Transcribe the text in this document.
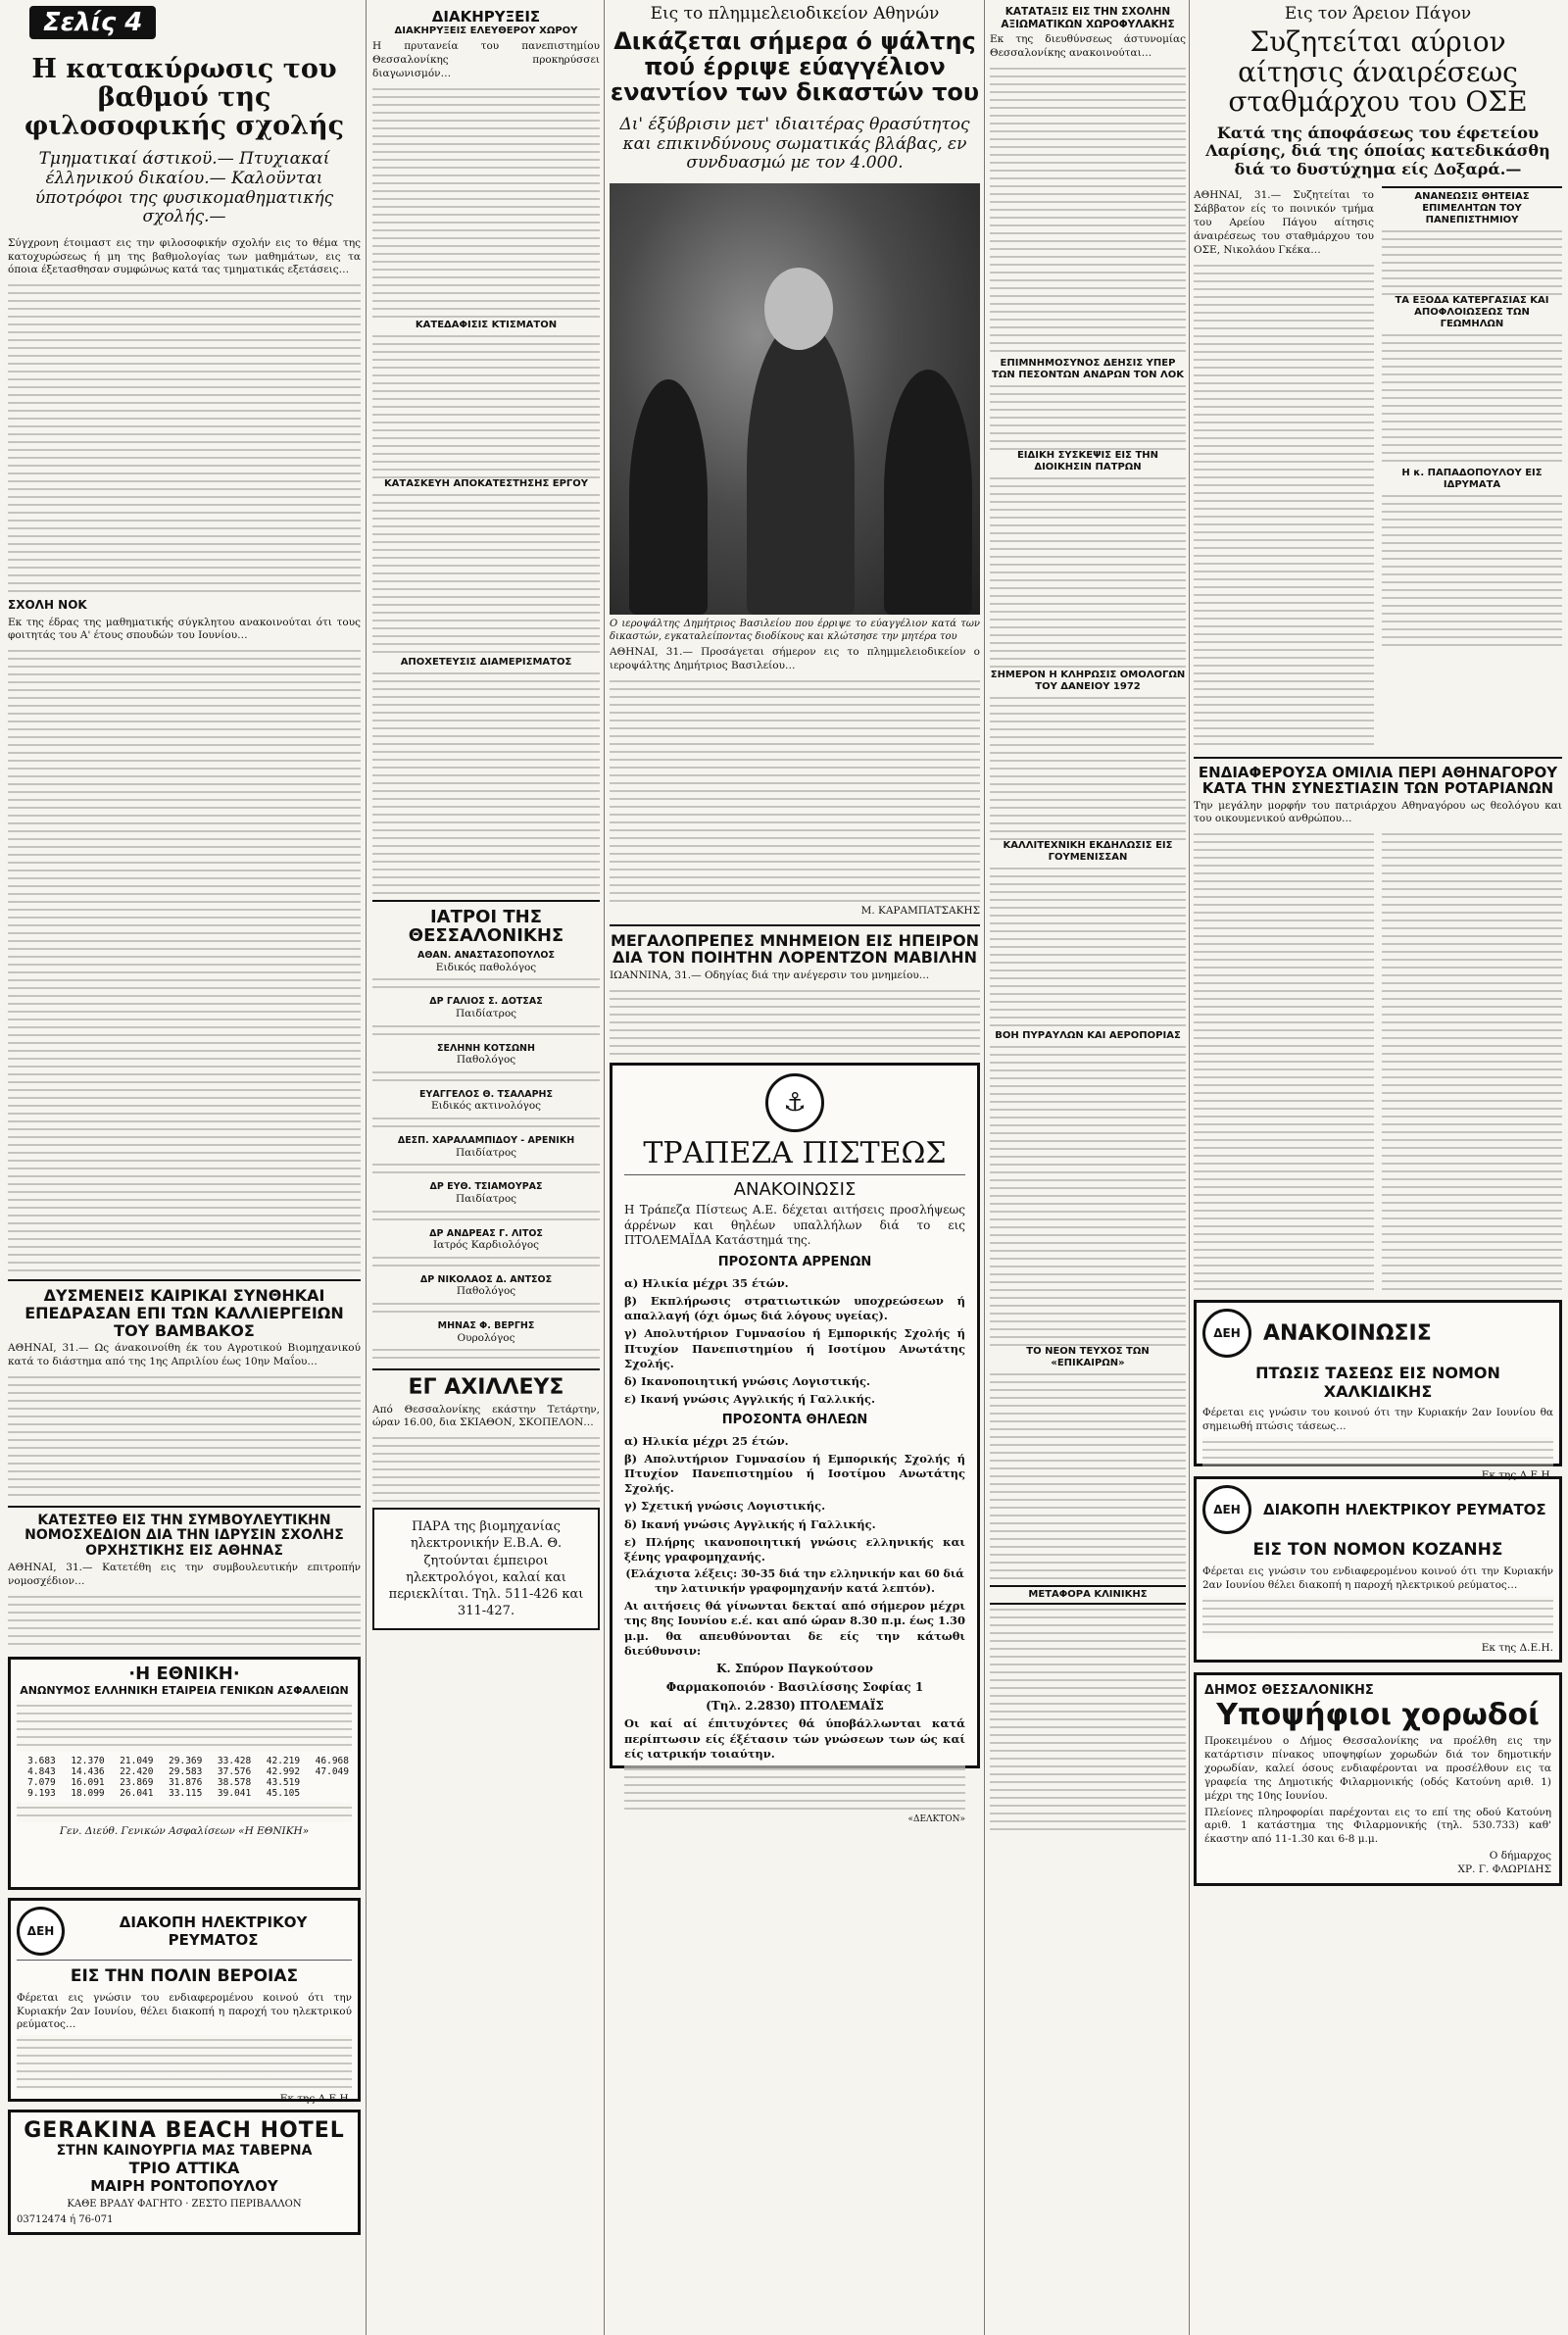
Σελίς 4
Η κατακύρωσις του βαθμού της φιλοσοφικής σχολής
Τμηματικαί άστικοϋ.— Πτυχιακαί έλληνικού δικαίου.— Καλοϋνται ύποτρόφοι της φυσικομαθηματικής σχολής.—
Σύγχρονη έτοιμαστ εις την φιλοσοφικήν σχολήν εις το θέμα της κατοχυρώσεως ή μη της βαθμολογίας των μαθημάτων, εις τα όποια έξετασθησαν συμφώνως κατά τας τμηματικάς εξετάσεις…
ΣΧΟΛΗ ΝΟΚ
Εκ της έδρας της μαθηματικής σύγκλητου ανακοινούται ότι τους φοιτητάς του Α' έτους σπουδών του Ιουνίου…
ΔΥΣΜΕΝΕΙΣ ΚΑΙΡΙΚΑΙ ΣΥΝΘΗΚΑΙ ΕΠΕΔΡΑΣΑΝ ΕΠΙ ΤΩΝ ΚΑΛΛΙΕΡΓΕΙΩΝ ΤΟΥ ΒΑΜΒΑΚΟΣ
ΑΘΗΝΑΙ, 31.— Ως άνακοινοίθη έκ του Αγροτικού Βιομηχανικού κατά το διάστημα από της 1ης Απριλίου έως 10ην Μαΐου…
ΚΑΤΕΣΤΕΘ ΕΙΣ ΤΗΝ ΣΥΜΒΟΥΛΕΥΤΙΚΗΝ ΝΟΜΟΣΧΕΔΙΟΝ ΔΙΑ ΤΗΝ ΙΔΡΥΣΙΝ ΣΧΟΛΗΣ ΟΡΧΗΣΤΙΚΗΣ ΕΙΣ ΑΘΗΝΑΣ
ΑΘΗΝΑΙ, 31.— Κατετέθη εις την συμβουλευτικήν επιτροπήν νομοσχέδιον…
·Η ΕΘΝΙΚΗ·
ΑΝΩΝΥΜΟΣ ΕΛΛΗΝΙΚΗ ΕΤΑΙΡΕΙΑ ΓΕΝΙΚΩΝ ΑΣΦΑΛΕΙΩΝ
3.683	12.370	21.049	29.369	33.428	42.219	46.968
4.843	14.436	22.420	29.583	37.576	42.992	47.049
7.079	16.091	23.869	31.876	38.578	43.519	
9.193	18.099	26.041	33.115	39.041	45.105	
Γεν. Διεύθ. Γενικών Ασφαλίσεων «Η ΕΘΝΙΚΗ»
ΔΕΗ	ΔΙΑΚΟΠΗ ΗΛΕΚΤΡΙΚΟΥ ΡΕΥΜΑΤΟΣ
ΕΙΣ ΤΗΝ ΠΟΛΙΝ ΒΕΡΟΙΑΣ
Φέρεται εις γνώσιν του ενδιαφερομένου κοινού ότι την Κυριακήν 2αν Ιουνίου, θέλει διακοπή η παροχή του ηλεκτρικού ρεύματος…
Εκ της Δ.Ε.Η.
GERAKINA BEACH HOTEL
ΣΤΗΝ ΚΑΙΝΟΥΡΓΙΑ ΜΑΣ ΤΑΒΕΡΝΑ
ΤΡΙΟ ΑΤΤΙΚΑ
ΜΑΙΡΗ ΡΟΝΤΟΠΟΥΛΟΥ
ΚΑΘΕ ΒΡΑΔΥ ΦΑΓΗΤΟ · ΖΕΣΤΟ ΠΕΡΙΒΑΛΛΟΝ
03712474 ή 76-071
ΔΙΑΚΗΡΥΞΕΙΣ
ΔΙΑΚΗΡΥΞΕΙΣ ΕΛΕΥΘΕΡΟΥ ΧΩΡΟΥ
Η πρυτανεία του πανεπιστημίου Θεσσαλονίκης προκηρύσσει διαγωνισμόν…
ΚΑΤΕΔΑΦΙΣΙΣ ΚΤΙΣΜΑΤΟΝ
ΚΑΤΑΣΚΕΥΗ ΑΠΟΚΑΤΕΣΤΗΣΗΣ ΕΡΓΟΥ
ΑΠΟΧΕΤΕΥΣΙΣ ΔΙΑΜΕΡΙΣΜΑΤΟΣ
ΙΑΤΡΟΙ ΤΗΣ ΘΕΣΣΑΛΟΝΙΚΗΣ
ΑΘΑΝ. ΑΝΑΣΤΑΣΟΠΟΥΛΟΣ
Ειδικός παθολόγος
ΔΡ ΓΑΛΙΟΣ Σ. ΔΟΤΣΑΣ
Παιδίατρος
ΣΕΛΗΝΗ ΚΟΤΣΩΝΗ
Παθολόγος
ΕΥΑΓΓΕΛΟΣ Θ. ΤΣΑΛΑΡΗΣ
Ειδικός ακτινολόγος
ΔΕΣΠ. ΧΑΡΑΛΑΜΠΙΔΟΥ - ΑΡΕΝΙΚΗ
Παιδίατρος
ΔΡ ΕΥΘ. ΤΣΙΑΜΟΥΡΑΣ
Παιδίατρος
ΔΡ ΑΝΔΡΕΑΣ Γ. ΛΙΤΟΣ
Ιατρός Καρδιολόγος
ΔΡ ΝΙΚΟΛΑΟΣ Δ. ΑΝΤΣΟΣ
Παθολόγος
ΜΗΝΑΣ Φ. ΒΕΡΓΗΣ
Ουρολόγος
ΕΓ ΑΧΙΛΛΕΥΣ
Από Θεσσαλονίκης εκάστην Τετάρτην, ώραν 16.00, δια ΣΚΙΑΘΟΝ, ΣΚΟΠΕΛΟΝ…
ΠΑΡΑ της βιομηχανίας ηλεκτρονικήν Ε.Β.Α. Θ. ζητούνται έμπειροι ηλεκτρολόγοι, καλαί και περιεκλίται. Τηλ. 511-426 και 311-427.
Εις το πλημμελειοδικείον Αθηνών
Δικάζεται σήμερα ό ψάλτης πού έρριψε εύαγγέλιον εναντίον των δικαστών του
Δι' έξύβρισιν μετ' ιδιαιτέρας θρασύτητος και επικινδύνους σωματικάς βλάβας, εν συνδυασμώ με τον 4.000.
Ο ιεροψάλτης Δημήτριος Βασιλείου που έρριψε το εύαγγέλιον κατά των δικαστών, εγκαταλείποντας διοδίκους και κλώτσησε την μητέρα του
ΑΘΗΝΑΙ, 31.— Προσάγεται σήμερον εις το πλημμελειοδικείον ο ιεροψάλτης Δημήτριος Βασιλείου…
Μ. ΚΑΡΑΜΠΑΤΣΑΚΗΣ
ΜΕΓΑΛΟΠΡΕΠΕΣ ΜΝΗΜΕΙΟΝ ΕΙΣ ΗΠΕΙΡΟΝ ΔΙΑ ΤΟΝ ΠΟΙΗΤΗΝ ΛΟΡΕΝΤΖΟΝ ΜΑΒΙΛΗΝ
ΙΩΑΝΝΙΝΑ, 31.— Οδηγίας διά την ανέγερσιν του μνημείου…
⚓
ΤΡΑΠΕΖΑ ΠΙΣΤΕΩΣ
ΑΝΑΚΟΙΝΩΣΙΣ
Η Τράπεζα Πίστεως Α.Ε. δέχεται αιτήσεις προσλήψεως άρρένων και θηλέων υπαλλήλων διά το εις ΠΤΟΛΕΜΑΪΔΑ Κατάστημά της.
ΠΡΟΣΟΝΤΑ ΑΡΡΕΝΩΝ
α) Ηλικία μέχρι 35 έτών.
β) Εκπλήρωσις στρατιωτικών υποχρεώσεων ή απαλλαγή (όχι όμως διά λόγους υγείας).
γ) Απολυτήριον Γυμνασίου ή Εμπορικής Σχολής ή Πτυχίον Πανεπιστημίου ή Ισοτίμου Ανωτάτης Σχολής.
δ) Ικανοποιητική γνώσις Λογιστικής.
ε) Ικανή γνώσις Αγγλικής ή Γαλλικής.
ΠΡΟΣΟΝΤΑ ΘΗΛΕΩΝ
α) Ηλικία μέχρι 25 έτών.
β) Απολυτήριον Γυμνασίου ή Εμπορικής Σχολής ή Πτυχίον Πανεπιστημίου ή Ισοτίμου Ανωτάτης Σχολής.
γ) Σχετική γνώσις Λογιστικής.
δ) Ικανή γνώσις Αγγλικής ή Γαλλικής.
ε) Πλήρης ικανοποιητική γνώσις ελληνικής και ξένης γραφομηχανής.
(Ελάχιστα λέξεις: 30-35 διά την ελληνικήν και 60 διά την λατινικήν γραφομηχανήν κατά λεπτόν).
Αι αιτήσεις θά γίνωνται δεκταί από σήμερον μέχρι της 8ης Ιουνίου ε.έ. και από ώραν 8.30 π.μ. έως 1.30 μ.μ. θα απευθύνονται δε είς την κάτωθι διεύθυνσιν:
Κ. Σπύρον Παγκούτσον
Φαρμακοποιόν · Βασιλίσσης Σοφίας 1
(Τηλ. 2.2830) ΠΤΟΛΕΜΑΪΣ
Οι καί αί έπιτυχόντες θά ύποβάλλωνται κατά περίπτωσιν είς έξέτασιν τών γνώσεων των ώς καί είς ιατρικήν τοιαύτην.
«ΔΕΛΚΤΟΝ»
ΚΑΤΑΤΑΞΙΣ ΕΙΣ ΤΗΝ ΣΧΟΛΗΝ ΑΞΙΩΜΑΤΙΚΩΝ ΧΩΡΟΦΥΛΑΚΗΣ
Εκ της διευθύνσεως άστυνομίας Θεσσαλονίκης ανακοινούται…
ΕΠΙΜΝΗΜΟΣΥΝΟΣ ΔΕΗΣΙΣ ΥΠΕΡ ΤΩΝ ΠΕΣΟΝΤΩΝ ΑΝΔΡΩΝ ΤΟΝ ΛΟΚ
ΕΙΔΙΚΗ ΣΥΣΚΕΨΙΣ ΕΙΣ ΤΗΝ ΔΙΟΙΚΗΣΙΝ ΠΑΤΡΩΝ
ΣΗΜΕΡΟΝ Η ΚΛΗΡΩΣΙΣ ΟΜΟΛΟΓΩΝ ΤΟΥ ΔΑΝΕΙΟΥ 1972
ΚΑΛΛΙΤΕΧΝΙΚΗ ΕΚΔΗΛΩΣΙΣ ΕΙΣ ΓΟΥΜΕΝΙΣΣΑΝ
ΒΟΗ ΠΥΡΑΥΛΩΝ ΚΑΙ ΑΕΡΟΠΟΡΙΑΣ
ΤΟ ΝΕΟΝ ΤΕΥΧΟΣ ΤΩΝ «ΕΠΙΚΑΙΡΩΝ»
ΜΕΤΑΦΟΡΑ ΚΛΙΝΙΚΗΣ
Εις τον Άρειον Πάγον
Συζητείται αύριον αίτησις άναιρέσεως σταθμάρχου του ΟΣΕ
Κατά της άποφάσεως του έφετείου Λαρίσης, διά της όποίας κατεδικάσθη διά το δυστύχημα είς Δοξαρά.—
ΑΘΗΝΑΙ, 31.— Συζητείται το Σάββατον είς το ποινικόν τμήμα του Αρείου Πάγου αίτησις άναιρέσεως του σταθμάρχου του ΟΣΕ, Νικολάου Γκέκα…
ΑΝΑΝΕΩΣΙΣ ΘΗΤΕΙΑΣ ΕΠΙΜΕΛΗΤΩΝ ΤΟΥ ΠΑΝΕΠΙΣΤΗΜΙΟΥ
ΤΑ ΕΞΟΔΑ ΚΑΤΕΡΓΑΣΙΑΣ ΚΑΙ ΑΠΟΦΛΟΙΩΣΕΩΣ ΤΩΝ ΓΕΩΜΗΛΩΝ
Η κ. ΠΑΠΑΔΟΠΟΥΛΟΥ ΕΙΣ ΙΔΡΥΜΑΤΑ
ΕΝΔΙΑΦΕΡΟΥΣΑ ΟΜΙΛΙΑ ΠΕΡΙ ΑΘΗΝΑΓΟΡΟΥ ΚΑΤΑ ΤΗΝ ΣΥΝΕΣΤΙΑΣΙΝ ΤΩΝ ΡΟΤΑΡΙΑΝΩΝ
Την μεγάλην μορφήν του πατριάρχου Αθηναγόρου ως θεολόγου και του οικουμενικού ανθρώπου…
ΔΕΗ ΑΝΑΚΟΙΝΩΣΙΣ
ΠΤΩΣΙΣ ΤΑΣΕΩΣ ΕΙΣ ΝΟΜΟΝ ΧΑΛΚΙΔΙΚΗΣ
Φέρεται εις γνώσιν του κοινού ότι την Κυριακήν 2αν Ιουνίου θα σημειωθή πτώσις τάσεως…
Εκ της Δ.Ε.Η.
ΔΕΗ ΔΙΑΚΟΠΗ ΗΛΕΚΤΡΙΚΟΥ ΡΕΥΜΑΤΟΣ
ΕΙΣ ΤΟΝ ΝΟΜΟΝ ΚΟΖΑΝΗΣ
Φέρεται εις γνώσιν του ενδιαφερομένου κοινού ότι την Κυριακήν 2αν Ιουνίου θέλει διακοπή η παροχή ηλεκτρικού ρεύματος…
Εκ της Δ.Ε.Η.
ΔΗΜΟΣ ΘΕΣΣΑΛΟΝΙΚΗΣ
Υποψήφιοι χορωδοί
Προκειμένου ο Δήμος Θεσσαλονίκης να προέλθη εις την κατάρτισιν πίνακος υποψηφίων χορωδών διά τον δημοτικήν χορωδίαν, καλεί όσους ενδιαφέρονται να προσέλθουν εις τα γραφεία της Δημοτικής Φιλαρμονικής (οδός Κατούνη αριθ. 1) μέχρι της 10ης Ιουνίου.
Πλείονες πληροφορίαι παρέχονται εις το επί της οδού Κατούνη αριθ. 1 κατάστημα της Φιλαρμονικής (τηλ. 530.733) καθ' έκαστην από 11-1.30 και 6-8 μ.μ.
Ο δήμαρχος
ΧΡ. Γ. ΦΛΩΡΙΔΗΣ
